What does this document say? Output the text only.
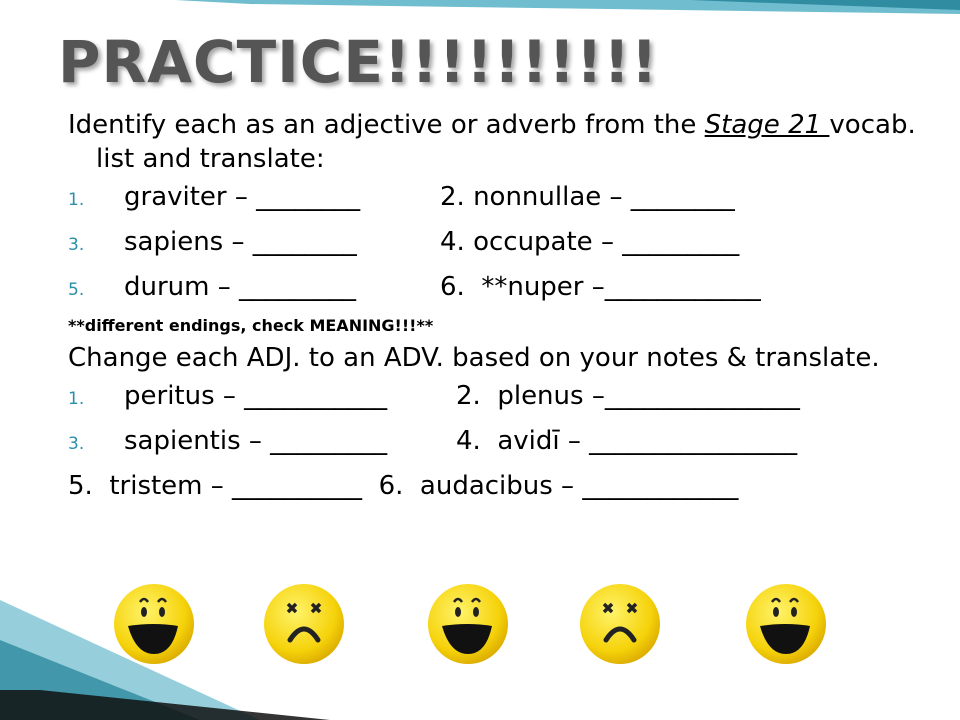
PRACTICE!!!!!!!!!!

Identify each as an adjective or adverb from the Stage 21 vocab. list and translate:

1.	graviter – ________	2. nonnullae – ________
3.	sapiens – ________	4. occupate – _________
5.	durum – _________	6.  **nuper –____________
**different endings, check MEANING!!!**

Change each ADJ. to an ADV. based on your notes & translate.

1.	peritus – ___________	2.  plenus –_______________
3.	sapientis – _________	4.  avidī – ________________
5.  tristem – __________  6.  audacibus – ____________
